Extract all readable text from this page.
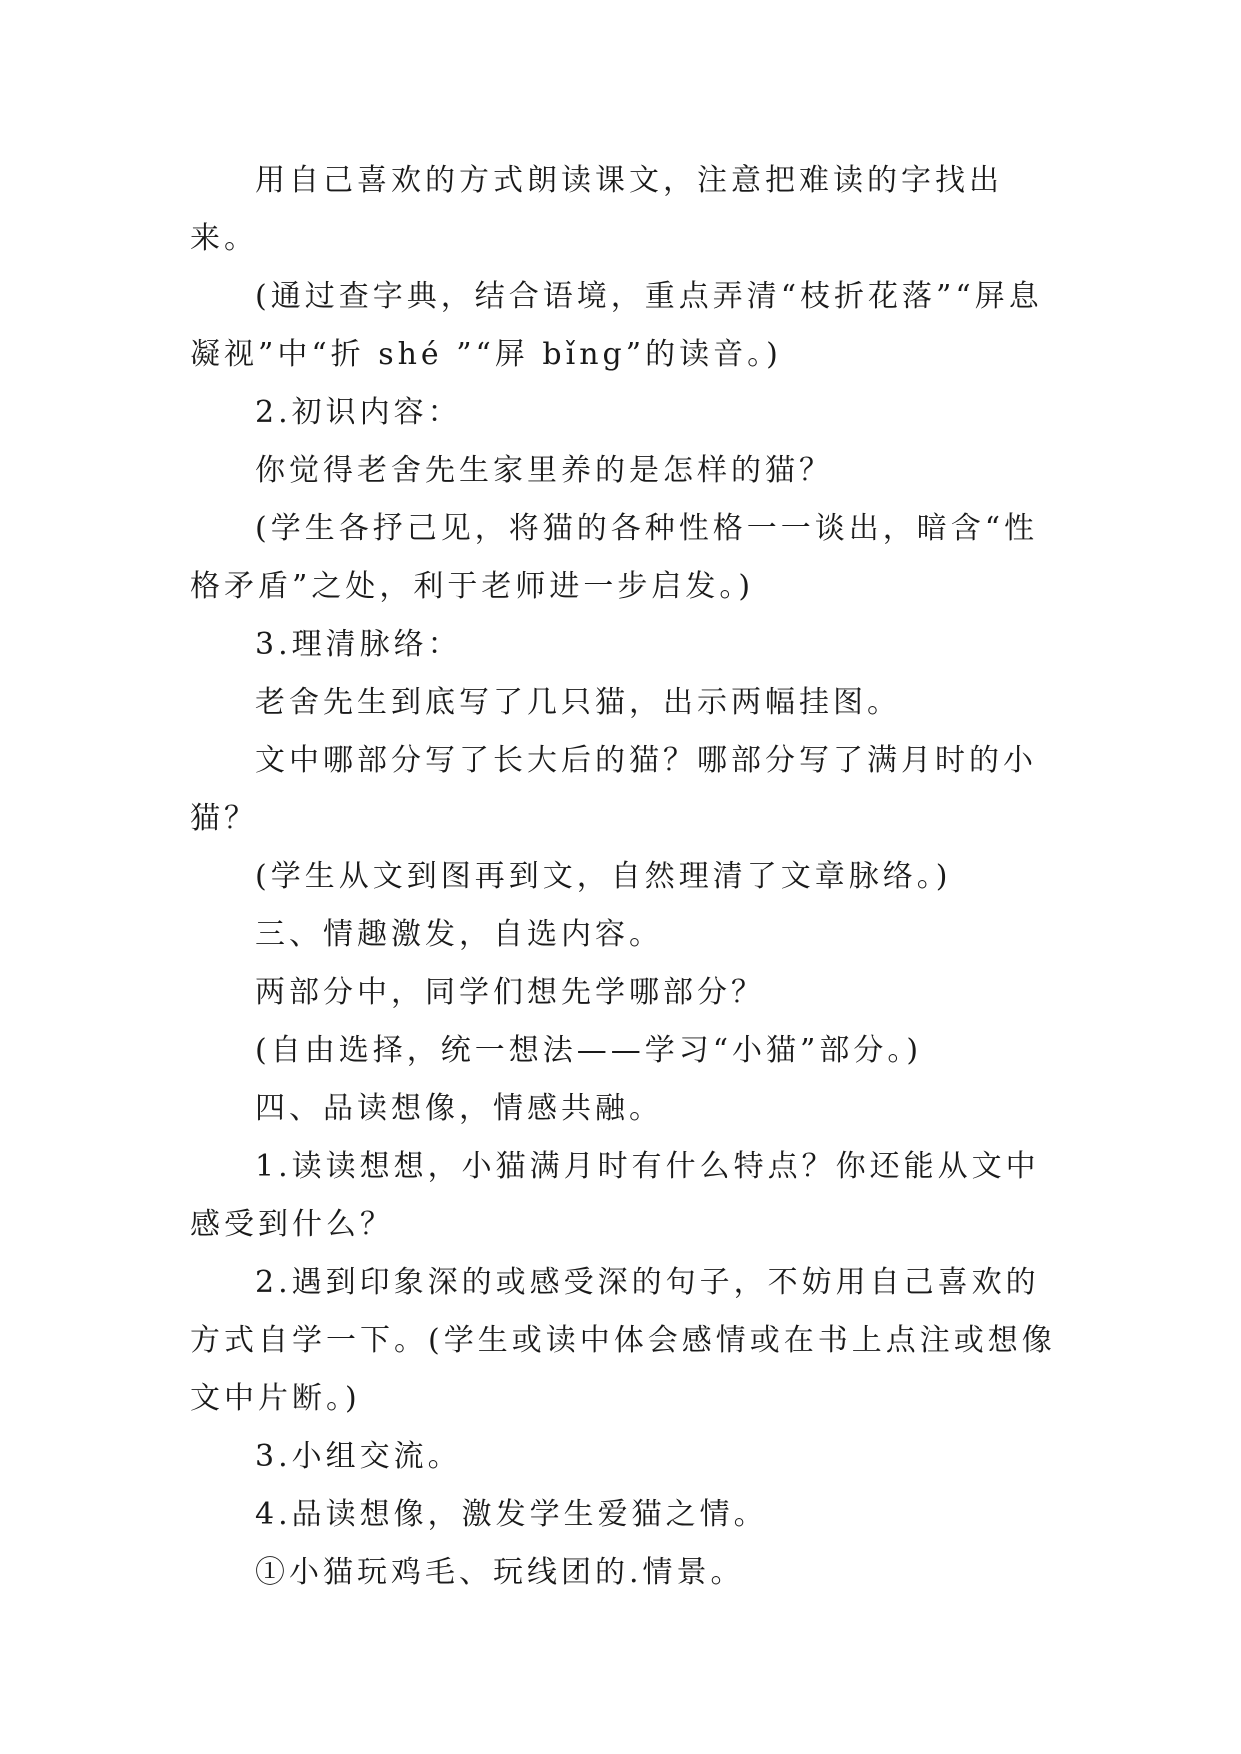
用自己喜欢的方式朗读课文，注意把难读的字找出来。

(通过查字典，结合语境，重点弄清“枝折花落”“屏息凝视”中“折 shé ”“屏 bǐng”的读音。)

2.初识内容：

你觉得老舍先生家里养的是怎样的猫？

(学生各抒己见，将猫的各种性格一一谈出，暗含“性格矛盾”之处，利于老师进一步启发。)

3.理清脉络：

老舍先生到底写了几只猫，出示两幅挂图。

文中哪部分写了长大后的猫？哪部分写了满月时的小猫？

(学生从文到图再到文，自然理清了文章脉络。)

三、情趣激发，自选内容。

两部分中，同学们想先学哪部分？

(自由选择，统一想法——学习“小猫”部分。)

四、品读想像，情感共融。

1.读读想想，小猫满月时有什么特点？你还能从文中感受到什么？

2.遇到印象深的或感受深的句子，不妨用自己喜欢的方式自学一下。(学生或读中体会感情或在书上点注或想像文中片断。)

3.小组交流。

4.品读想像，激发学生爱猫之情。

①小猫玩鸡毛、玩线团的.情景。
